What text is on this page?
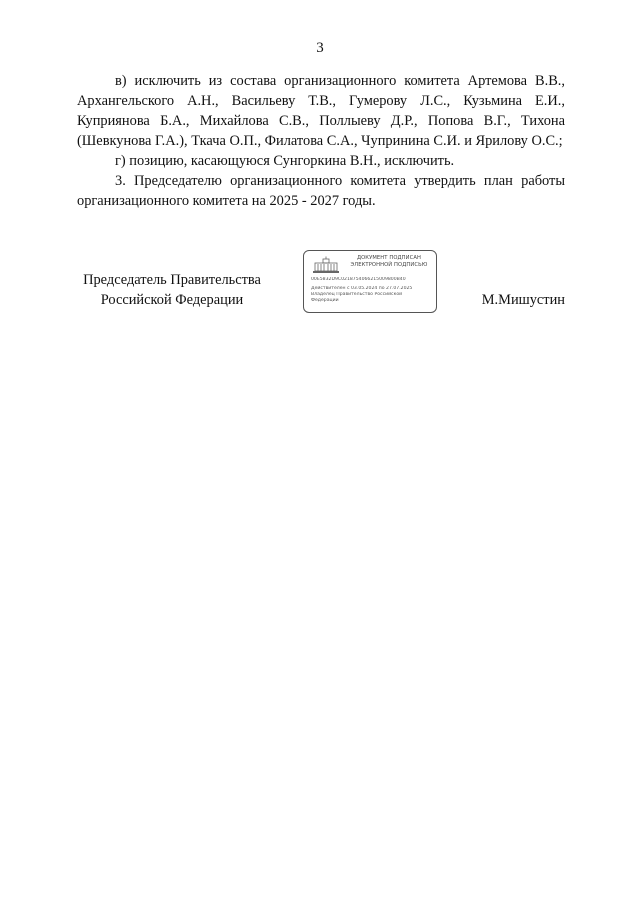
3

в) исключить из состава организационного комитета Артемова В.В., Архангельского А.Н., Васильеву Т.В., Гумерову Л.С., Кузьмина Е.И., Куприянова Б.А., Михайлова С.В., Поллыеву Д.Р., Попова В.Г., Тихона (Шевкунова Г.А.), Ткача О.П., Филатова С.А., Чупринина С.И. и Ярилову О.С.;

г) позицию, касающуюся Сунгоркина В.Н., исключить.

3. Председателю организационного комитета утвердить план работы организационного комитета на 2025 - 2027 годы.

Председатель Правительства
Российской Федерации
ДОКУМЕНТ ПОДПИСАН
ЭЛЕКТРОННОЙ ПОДПИСЬЮ
00E5832D9C0218754066215009800B40
Действителен с 03.05.2024 по 27.07.2025
Владелец Правительство Российской
Федерации	М.Мишустин
